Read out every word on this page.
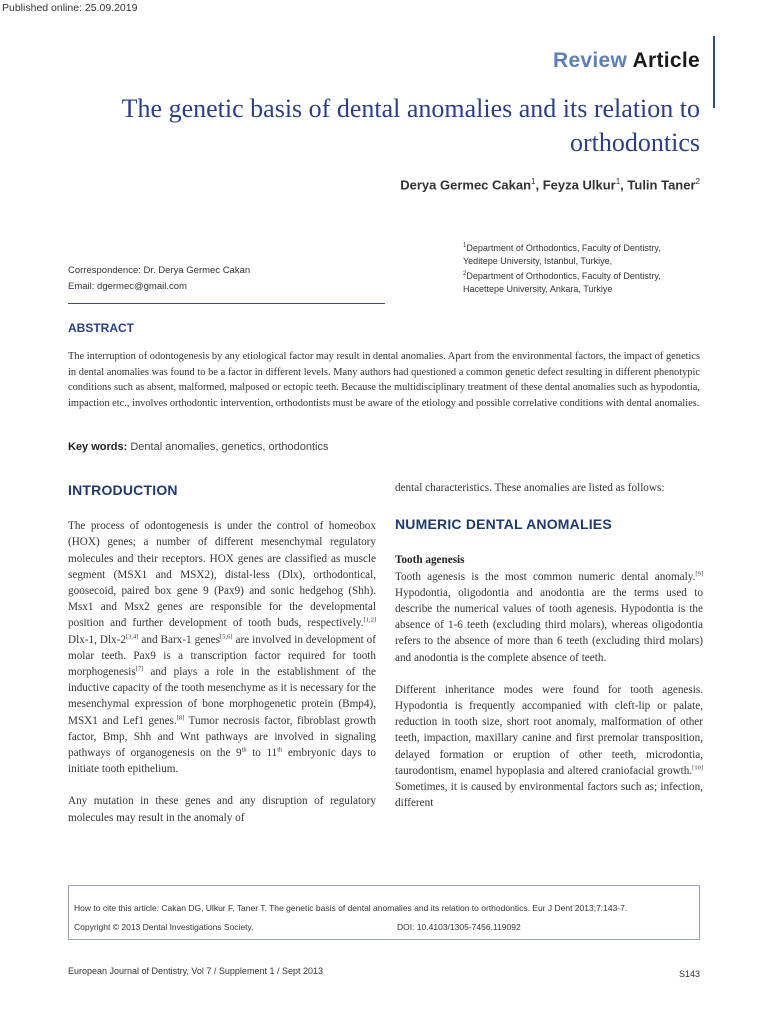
Published online: 25.09.2019
Review Article
The genetic basis of dental anomalies and its relation to orthodontics
Derya Germec Cakan$^1$, Feyza Ulkur$^1$, Tulin Taner$^2$
$^1$Department of Orthodontics, Faculty of Dentistry,
Yeditepe University, Istanbul, Turkiye,
$^2$Department of Orthodontics, Faculty of Dentistry,
Hacettepe University, Ankara, Turkiye
Correspondence: Dr. Derya Germec Cakan
Email: dgermec@gmail.com
ABSTRACT
The interruption of odontogenesis by any etiological factor may result in dental anomalies. Apart from the environmental factors, the impact of genetics in dental anomalies was found to be a factor in different levels. Many authors had questioned a common genetic defect resulting in different phenotypic conditions such as absent, malformed, malposed or ectopic teeth. Because the multidisciplinary treatment of these dental anomalies such as hypodontia, impaction etc., involves orthodontic intervention, orthodontists must be aware of the etiology and possible correlative conditions with dental anomalies.
Key words: Dental anomalies, genetics, orthodontics
INTRODUCTION

The process of odontogenesis is under the control of homeobox (HOX) genes; a number of different mesenchymal regulatory molecules and their receptors. HOX genes are classified as muscle segment (MSX1 and MSX2), distal-less (Dlx), orthodontical, goosecoid, paired box gene 9 (Pax9) and sonic hedgehog (Shh). Msx1 and Msx2 genes are responsible for the developmental position and further development of tooth buds, respectively.[1,2] Dlx-1, Dlx-2[3,4] and Barx-1 genes[5,6] are involved in development of molar teeth. Pax9 is a transcription factor required for tooth morphogenesis[7] and plays a role in the establishment of the inductive capacity of the tooth mesenchyme as it is necessary for the mesenchymal expression of bone morphogenetic protein (Bmp4), MSX1 and Lef1 genes.[8] Tumor necrosis factor, fibroblast growth factor, Bmp, Shh and Wnt pathways are involved in signaling pathways of organogenesis on the 9th to 11th embryonic days to initiate tooth epithelium.

Any mutation in these genes and any disruption of regulatory molecules may result in the anomaly of

dental characteristics. These anomalies are listed as follows:

NUMERIC DENTAL ANOMALIES
Tooth agenesis

Tooth agenesis is the most common numeric dental anomaly.[9] Hypodontia, oligodontia and anodontia are the terms used to describe the numerical values of tooth agenesis. Hypodontia is the absence of 1-6 teeth (excluding third molars), whereas oligodontia refers to the absence of more than 6 teeth (excluding third molars) and anodontia is the complete absence of teeth.

Different inheritance modes were found for tooth agenesis. Hypodontia is frequently accompanied with cleft-lip or palate, reduction in tooth size, short root anomaly, malformation of other teeth, impaction, maxillary canine and first premolar transposition, delayed formation or eruption of other teeth, microdontia, taurodontism, enamel hypoplasia and altered craniofacial growth.[10] Sometimes, it is caused by environmental factors such as; infection, different

How to cite this article: Cakan DG, Ulkur F, Taner T. The genetic basis of dental anomalies and its relation to orthodontics. Eur J Dent 2013;7:143-7.
Copyright © 2013 Dental Investigations Society.	DOI: 10.4103/1305-7456.119092
European Journal of Dentistry, Vol 7 / Supplement 1 / Sept 2013	S143
